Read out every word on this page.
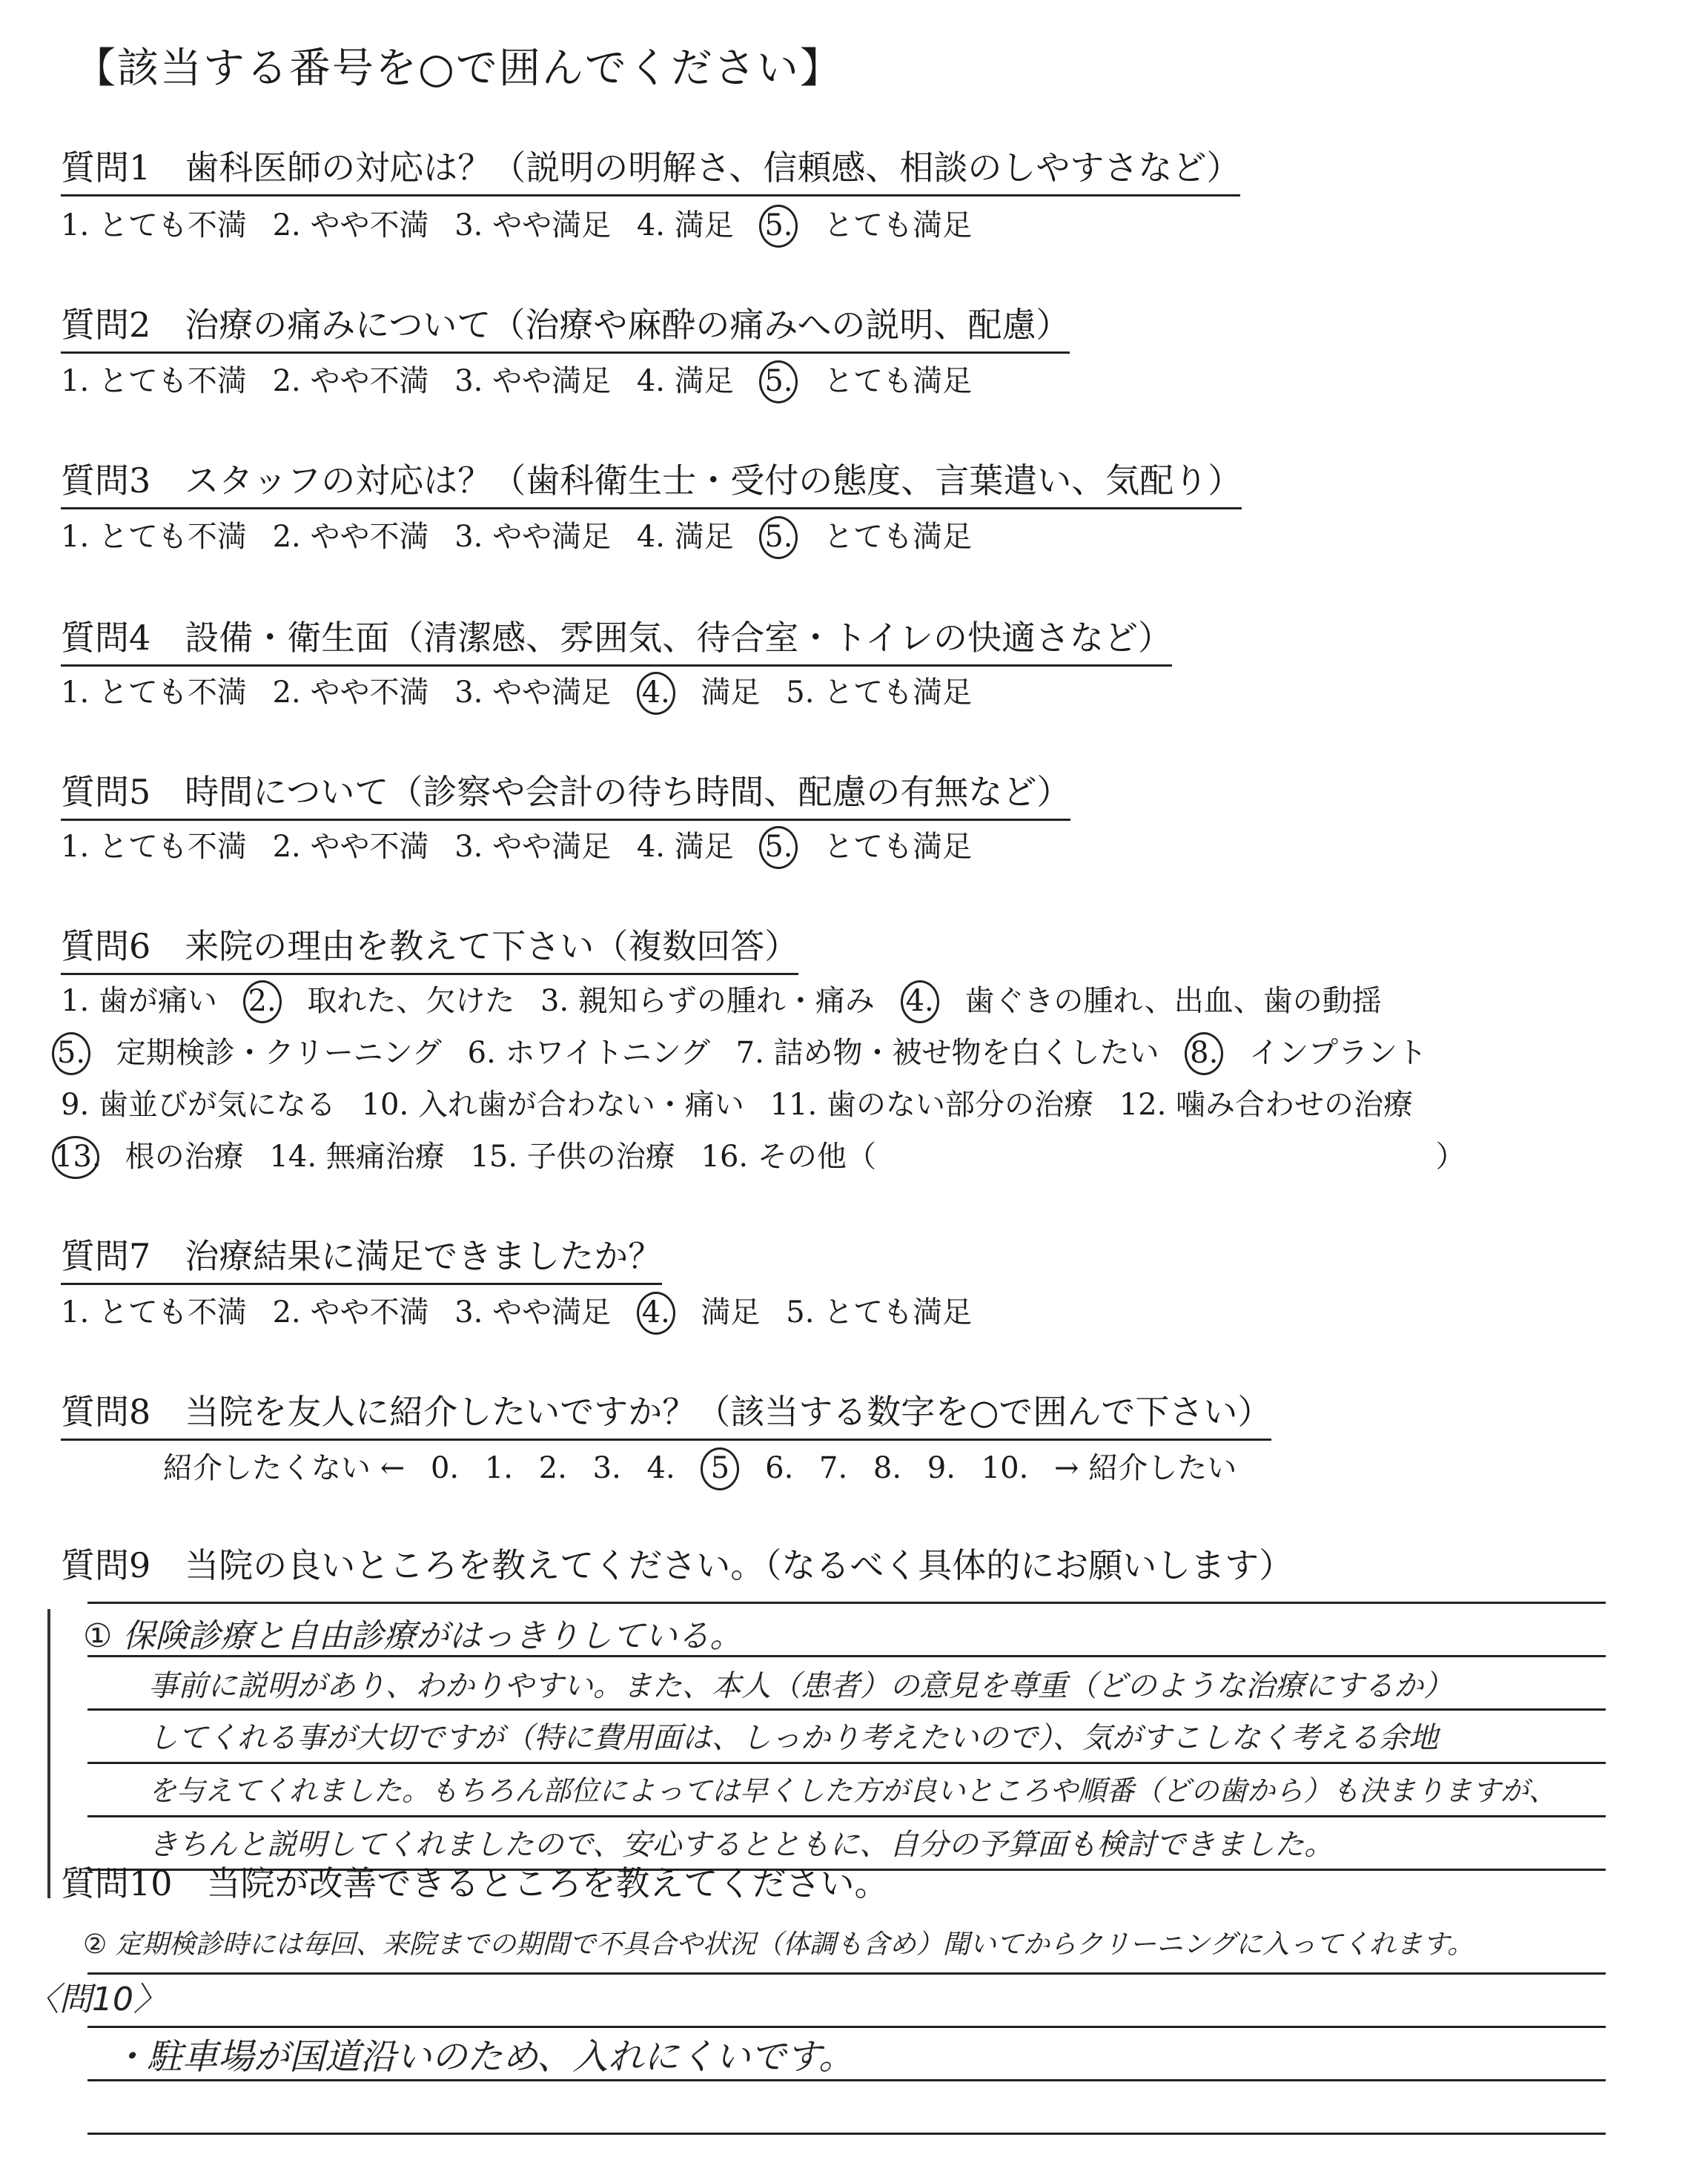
【該当する番号を○で囲んでください】
質問1　歯科医師の対応は？（説明の明解さ、信頼感、相談のしやすさなど）
1. とても不満 2. やや不満 3. やや満足 4. 満足 5. とても満足
質問2　治療の痛みについて（治療や麻酔の痛みへの説明、配慮）
1. とても不満 2. やや不満 3. やや満足 4. 満足 5. とても満足
質問3　スタッフの対応は？（歯科衛生士・受付の態度、言葉遣い、気配り）
1. とても不満 2. やや不満 3. やや満足 4. 満足 5. とても満足
質問4　設備・衛生面（清潔感、雰囲気、待合室・トイレの快適さなど）
1. とても不満 2. やや不満 3. やや満足 4. 満足 5. とても満足
質問5　時間について（診察や会計の待ち時間、配慮の有無など）
1. とても不満 2. やや不満 3. やや満足 4. 満足 5. とても満足
質問6　来院の理由を教えて下さい（複数回答）
1. 歯が痛い 2. 取れた、欠けた 3. 親知らずの腫れ・痛み 4. 歯ぐきの腫れ、出血、歯の動揺
5. 定期検診・クリーニング 6. ホワイトニング 7. 詰め物・被せ物を白くしたい 8. インプラント
9. 歯並びが気になる 10. 入れ歯が合わない・痛い 11. 歯のない部分の治療 12. 噛み合わせの治療
13. 根の治療 14. 無痛治療 15. 子供の治療 16. その他（	）
質問7　治療結果に満足できましたか？
1. とても不満 2. やや不満 3. やや満足 4. 満足 5. とても満足
質問8　当院を友人に紹介したいですか？（該当する数字を○で囲んで下さい）
紹介したくない ← 0. 1. 2. 3. 4. 5 6. 7. 8. 9. 10. → 紹介したい
質問9　当院の良いところを教えてください。（なるべく具体的にお願いします）
① 保険診療と自由診療がはっきりしている。
事前に説明があり、わかりやすい。また、本人（患者）の意見を尊重（どのような治療にするか）
してくれる事が大切ですが（特に費用面は、しっかり考えたいので）、気がすこしなく考える余地
を与えてくれました。もちろん部位によっては早くした方が良いところや順番（どの歯から）も決まりますが、
きちんと説明してくれましたので、安心するとともに、自分の予算面も検討できました。
質問10　当院が改善できるところを教えてください。
② 定期検診時には毎回、来院までの期間で不具合や状況（体調も含め）聞いてからクリーニングに入ってくれます。
〈問10〉
・駐車場が国道沿いのため、入れにくいです。
